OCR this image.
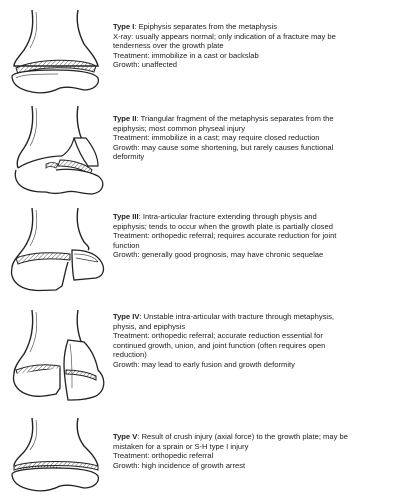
Type I: Epiphysis separates from the metaphysis
X-ray: usually appears normal; only indication of a fracture may be
tenderness over the growth plate
Treatment: immobilize in a cast or backslab
Growth: unaffected
Type II: Triangular fragment of the metaphysis separates from the
epiphysis; most common physeal injury
Treatment: immobilize in a cast; may require closed reduction
Growth: may cause some shortening, but rarely causes functional
deformity
Type III: Intra-articular fracture extending through physis and
epiphysis; tends to occur when the growth plate is partially closed
Treatment: orthopedic referral; requires accurate reduction for joint
function
Growth: generally good prognosis, may have chronic sequelae
Type IV: Unstable intra-articular with tracture through metaphysis,
physis, and epiphysis
Treatment: orthopedic referral; accurate reduction essential for
continued growth, union, and joint function (often requires open
reduction)
Growth: may lead to early fusion and growth deformity
Type V: Result of crush injury (axial force) to the growth plate; may be
mistaken for a sprain or S-H type I injury
Treatment: orthopedic referral
Growth: high incidence of growth arrest
